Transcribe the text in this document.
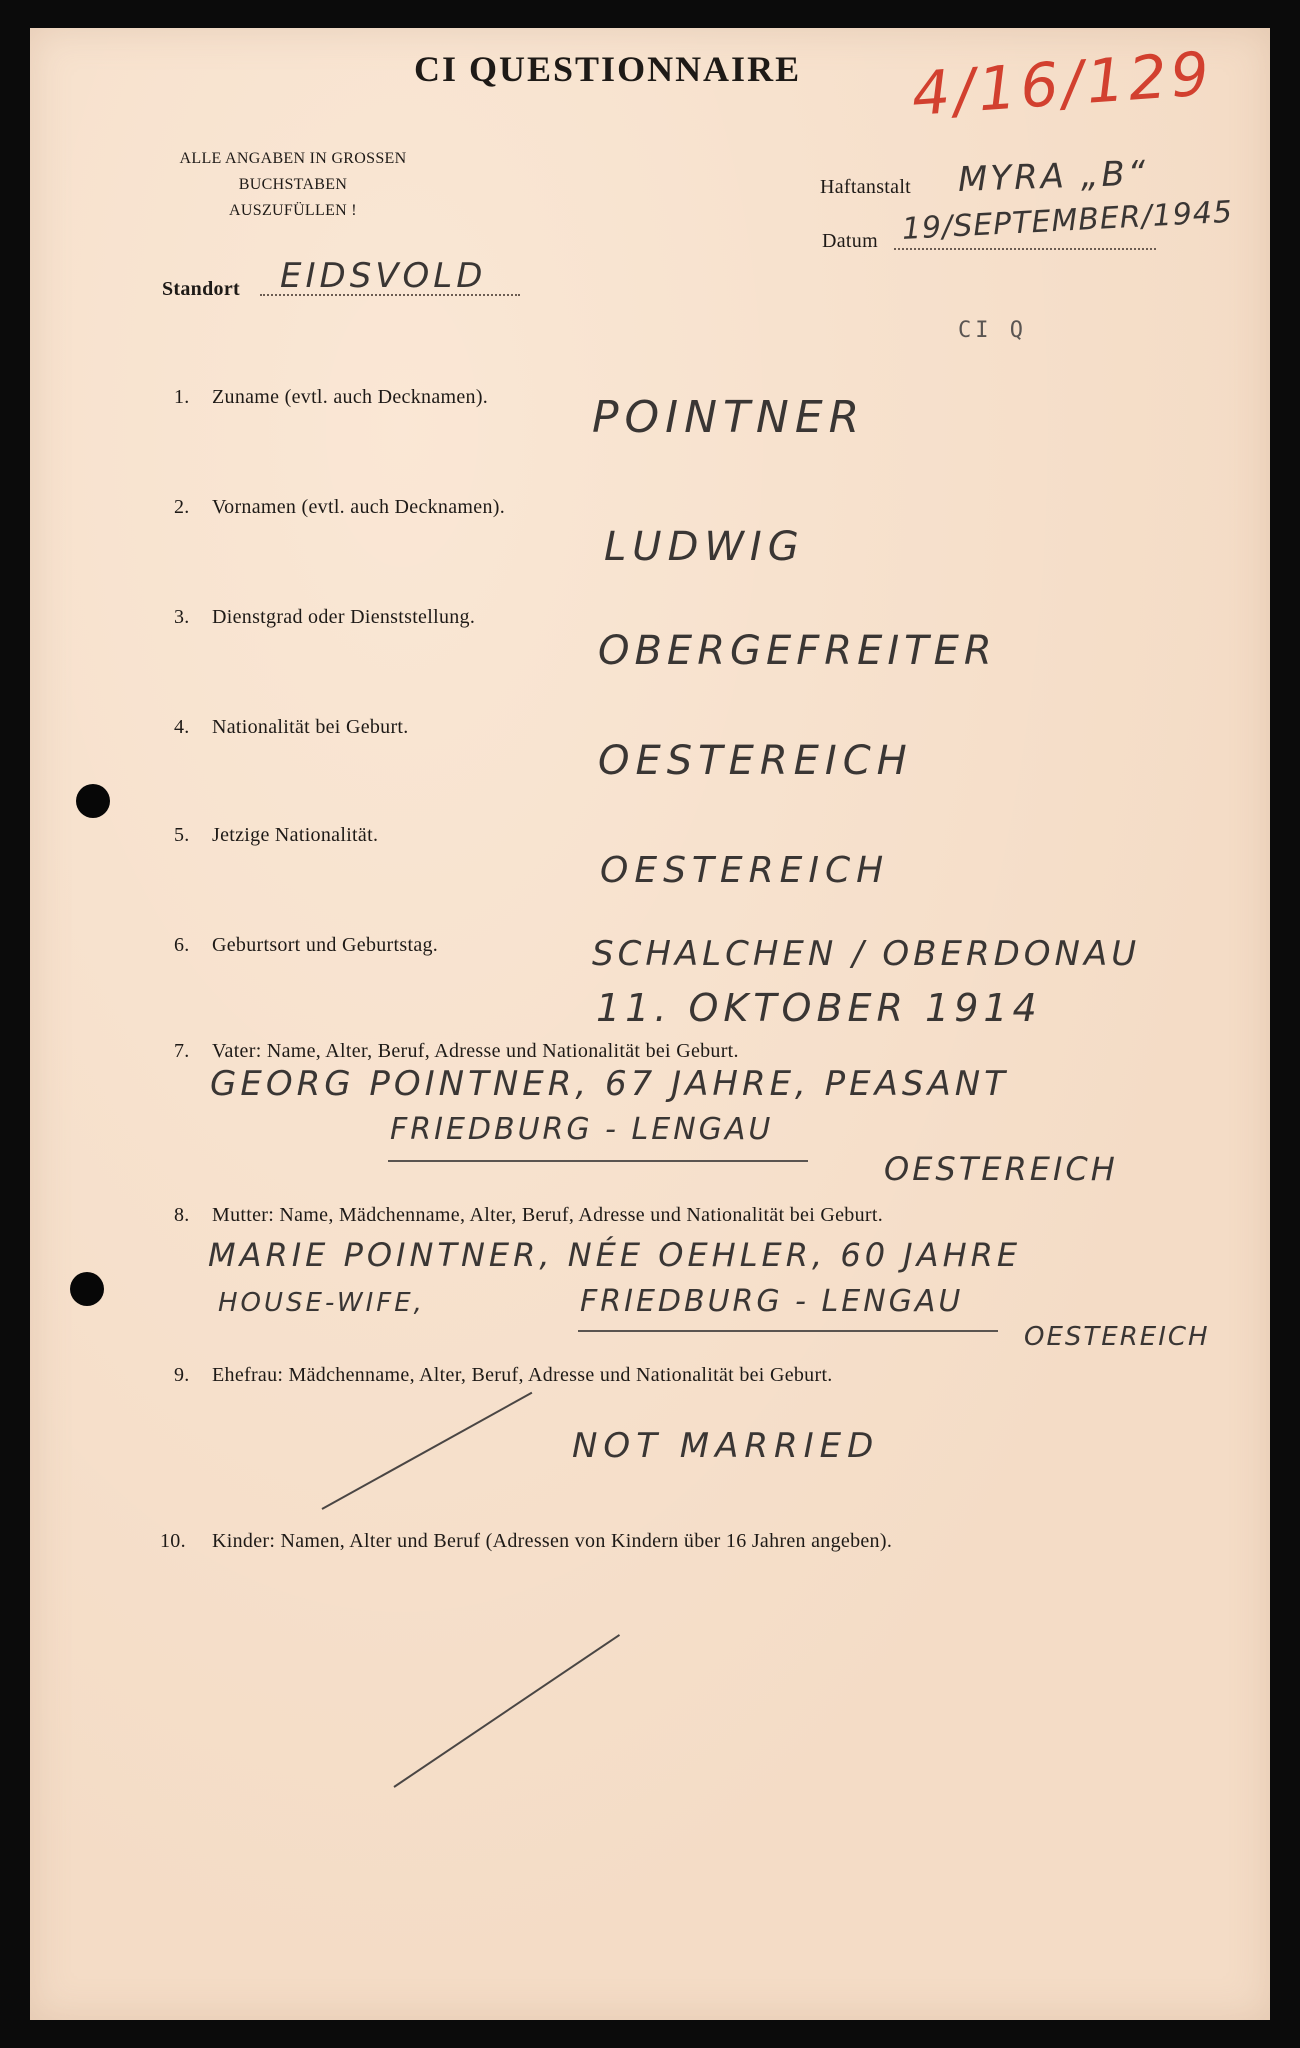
CI QUESTIONNAIRE 4/16/129
ALLE ANGABEN IN GROSSEN BUCHSTABEN
AUSZUFÜLLEN !
Haftanstalt MYRA „B“
Datum 19/SEPTEMBER/1945
Standort EIDSVOLD
CI Q
1. Zuname (evtl. auch Decknamen). POINTNER
2. Vornamen (evtl. auch Decknamen).
LUDWIG
3. Dienstgrad oder Dienststellung.
OBERGEFREITER
4. Nationalität bei Geburt.
OESTEREICH
5. Jetzige Nationalität.
OESTEREICH
6. Geburtsort und Geburtstag.	SCHALCHEN / OBERDONAU
11. OKTOBER 1914
7. Vater: Name, Alter, Beruf, Adresse und Nationalität bei Geburt.
GEORG POINTNER, 67 JAHRE, PEASANT
FRIEDBURG - LENGAU
OESTEREICH
8. Mutter: Name, Mädchenname, Alter, Beruf, Adresse und Nationalität bei Geburt.
MARIE POINTNER, NÉE OEHLER, 60 JAHRE
HOUSE-WIFE,	FRIEDBURG - LENGAU
OESTEREICH
9. Ehefrau: Mädchenname, Alter, Beruf, Adresse und Nationalität bei Geburt.
NOT MARRIED
10. Kinder: Namen, Alter und Beruf (Adressen von Kindern über 16 Jahren angeben).
